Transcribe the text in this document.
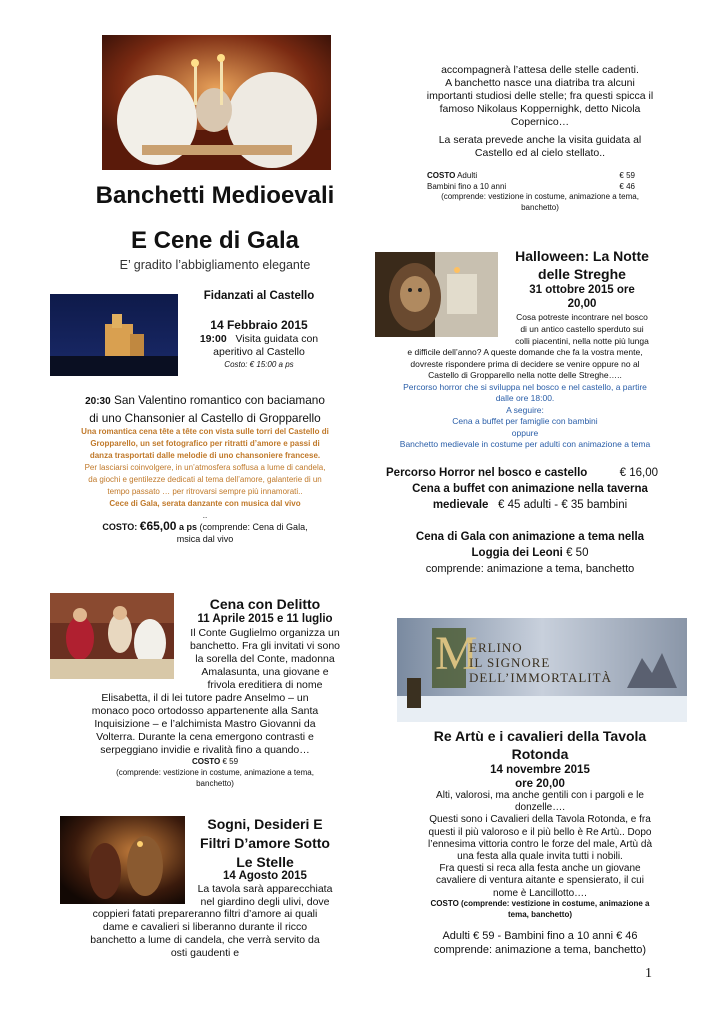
Banchetti Medioevali
E Cene di Gala
E’ gradito l’abbigliamento elegante
Fidanzati al Castello
14 Febbraio 2015
19:00 Visita guidata con
aperitivo al Castello
Costo: € 15:00 a ps
20:30 San Valentino romantico con baciamano
di uno Chansonier al Castello di Gropparello
Una romantica cena tête a tête con vista sulle torri del Castello di
Gropparello, un set fotografico per ritratti d’amore e passi di
danza trasportati dalle melodie di uno chansoniere francese.
Per lasciarsi coinvolgere, in un’atmosfera soffusa a lume di candela,
da giochi e gentilezze dedicati al tema dell’amore, galanterie di un
tempo passato … per ritrovarsi sempre più innamorati..
Cece di Gala, serata danzante con musica dal vivo
..
COSTO: €65,00 a ps (comprende: Cena di Gala,
msica dal vivo
Cena con Delitto
11 Aprile 2015 e 11 luglio
Il Conte Guglielmo organizza un
banchetto. Fra gli invitati vi sono
la sorella del Conte, madonna
Amalasunta, una giovane e
frivola ereditiera di nome
Elisabetta, il di lei tutore padre Anselmo – un
monaco poco ortodosso appartenente alla Santa
Inquisizione – e l’alchimista Mastro Giovanni da
Volterra. Durante la cena emergono contrasti e
serpeggiano invidie e rivalità fino a quando…
COSTO € 59
(comprende: vestizione in costume, animazione a tema,
banchetto)
Sogni, Desideri E
Filtri D’amore Sotto
Le Stelle
14 Agosto 2015
La tavola sarà apparecchiata
nel giardino degli ulivi, dove
coppieri fatati prepareranno filtri d’amore ai quali
dame e cavalieri si liberanno durante il ricco
banchetto a lume di candela, che verrà servito da
osti gaudenti e
accompagnerà l’attesa delle stelle cadenti.
A banchetto nasce una diatriba tra alcuni
importanti studiosi delle stelle; fra questi spicca il
famoso Nikolaus Koppernighk, detto Nicola
Copernico…
La serata prevede anche la visita guidata al
Castello ed al cielo stellato..
COSTO Adulti	€ 59
Bambini fino a 10 anni	€ 46
(comprende: vestizione in costume, animazione a tema,
banchetto)
Halloween: La Notte
delle Streghe
31 ottobre 2015 ore
20,00
Cosa potreste incontrare nel bosco
di un antico castello sperduto sui
colli piacentini, nella notte più lunga
e difficile dell’anno? A queste domande che fa la vostra mente,
dovreste rispondere prima di decidere se venire oppure no al
Castello di Gropparello nella notte delle Streghe…..
Percorso horror che si sviluppa nel bosco e nel castello, a partire
dalle ore 18:00.
A seguire:
Cena a buffet per famiglie con bambini
oppure
Banchetto medievale in costume per adulti con animazione a tema
Percorso Horror nel bosco e castello	€ 16,00
Cena a buffet con animazione nella taverna
medievale € 45 adulti - € 35 bambini
Cena di Gala con animazione a tema nella
Loggia dei Leoni € 50
comprende: animazione a tema, banchetto
M
ERLINO
IL SIGNORE
DELL’IMMORTALITÀ
Re Artù e i cavalieri della Tavola
Rotonda
14 novembre 2015
ore 20,00
Alti, valorosi, ma anche gentili con i pargoli e le
donzelle….
Questi sono i Cavalieri della Tavola Rotonda, e fra
questi il più valoroso e il più bello è Re Artù.. Dopo
l’ennesima vittoria contro le forze del male, Artù dà
una festa alla quale invita tutti i nobili.
Fra questi si reca alla festa anche un giovane
cavaliere di ventura aitante e spensierato, il cui
nome è Lancillotto….
COSTO (comprende: vestizione in costume, animazione a
tema, banchetto)
Adulti € 59 - Bambini fino a 10 anni € 46
comprende: animazione a tema, banchetto)
1
